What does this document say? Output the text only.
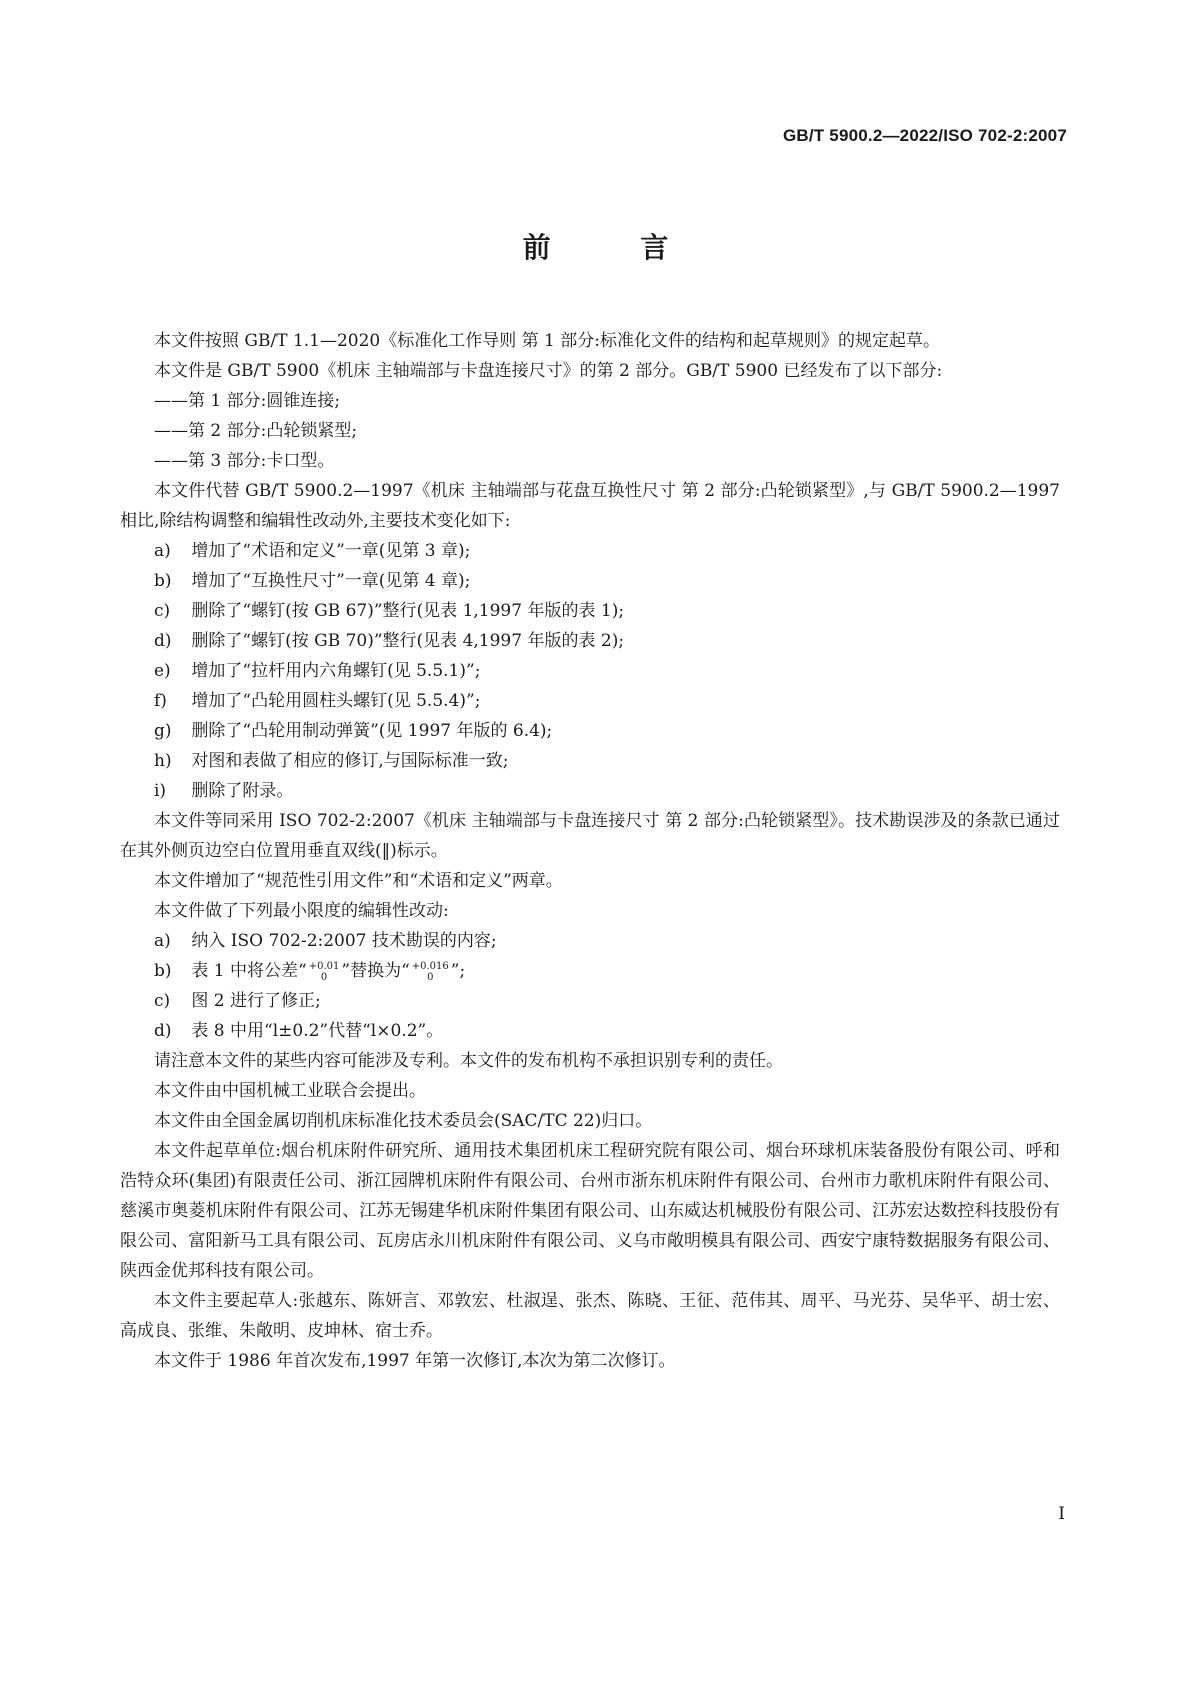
GB/T 5900.2—2022/ISO 702-2:2007
前 言

本文件按照 GB/T 1.1—2020《标准化工作导则 第 1 部分:标准化文件的结构和起草规则》的规定起草。

本文件是 GB/T 5900《机床 主轴端部与卡盘连接尺寸》的第 2 部分。GB/T 5900 已经发布了以下部分:

——第 1 部分:圆锥连接;

——第 2 部分:凸轮锁紧型;

——第 3 部分:卡口型。

本文件代替 GB/T 5900.2—1997《机床 主轴端部与花盘互换性尺寸 第 2 部分:凸轮锁紧型》,与 GB/T 5900.2—1997 相比,除结构调整和编辑性改动外,主要技术变化如下:

a) 增加了“术语和定义”一章(见第 3 章);

b) 增加了“互换性尺寸”一章(见第 4 章);

c) 删除了“螺钉(按 GB 67)”整行(见表 1,1997 年版的表 1);

d) 删除了“螺钉(按 GB 70)”整行(见表 4,1997 年版的表 2);

e) 增加了“拉杆用内六角螺钉(见 5.5.1)”;

f) 增加了“凸轮用圆柱头螺钉(见 5.5.4)”;

g) 删除了“凸轮用制动弹簧”(见 1997 年版的 6.4);

h) 对图和表做了相应的修订,与国际标准一致;

i) 删除了附录。

本文件等同采用 ISO 702-2:2007《机床 主轴端部与卡盘连接尺寸 第 2 部分:凸轮锁紧型》。技术勘误涉及的条款已通过在其外侧页边空白位置用垂直双线(‖)标示。

本文件增加了“规范性引用文件”和“术语和定义”两章。

本文件做了下列最小限度的编辑性改动:

a) 纳入 ISO 702-2:2007 技术勘误的内容;

b) 表 1 中将公差“ +0.01
0 ”替换为“ +0.016
0	”;

c) 图 2 进行了修正;

d) 表 8 中用“l±0.2”代替“l×0.2”。

请注意本文件的某些内容可能涉及专利。本文件的发布机构不承担识别专利的责任。

本文件由中国机械工业联合会提出。

本文件由全国金属切削机床标准化技术委员会(SAC/TC 22)归口。

本文件起草单位:烟台机床附件研究所、通用技术集团机床工程研究院有限公司、烟台环球机床装备股份有限公司、呼和浩特众环(集团)有限责任公司、浙江园牌机床附件有限公司、台州市浙东机床附件有限公司、台州市力歌机床附件有限公司、慈溪市奥菱机床附件有限公司、江苏无锡建华机床附件集团有限公司、山东威达机械股份有限公司、江苏宏达数控科技股份有限公司、富阳新马工具有限公司、瓦房店永川机床附件有限公司、义乌市敞明模具有限公司、西安宁康特数据服务有限公司、陕西金优邦科技有限公司。

本文件主要起草人:张越东、陈妍言、邓敦宏、杜淑逞、张杰、陈晓、王征、范伟其、周平、马光芬、吴华平、胡士宏、高成良、张维、朱敞明、皮坤林、宿士乔。

本文件于 1986 年首次发布,1997 年第一次修订,本次为第二次修订。

I
